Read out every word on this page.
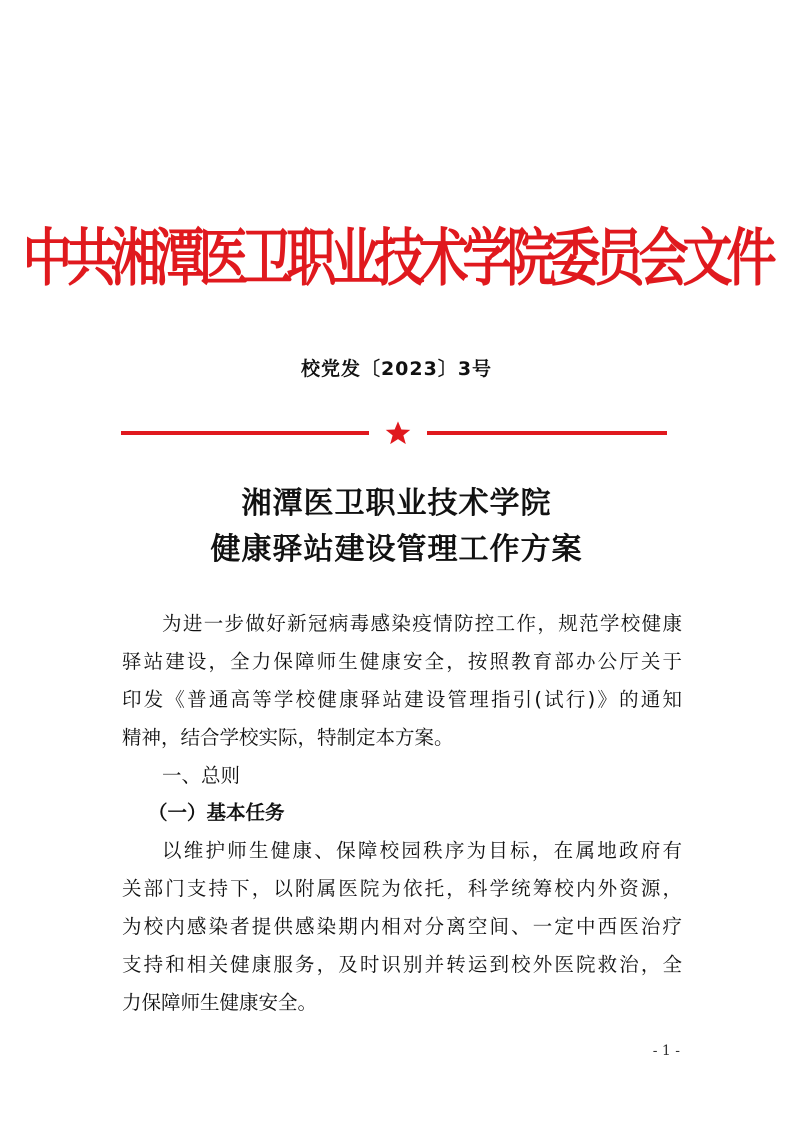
中共湘潭医卫职业技术学院委员会文件
校党发〔2023〕3号
湘潭医卫职业技术学院
健康驿站建设管理工作方案
为进一步做好新冠病毒感染疫情防控工作，规范学校健康
驿站建设，全力保障师生健康安全，按照教育部办公厅关于
印发《普通高等学校健康驿站建设管理指引(试行)》的通知
精神，结合学校实际，特制定本方案。
一、总则
（一）基本任务
以维护师生健康、保障校园秩序为目标，在属地政府有
关部门支持下，以附属医院为依托，科学统筹校内外资源，
为校内感染者提供感染期内相对分离空间、一定中西医治疗
支持和相关健康服务，及时识别并转运到校外医院救治，全
力保障师生健康安全。
- 1 -
